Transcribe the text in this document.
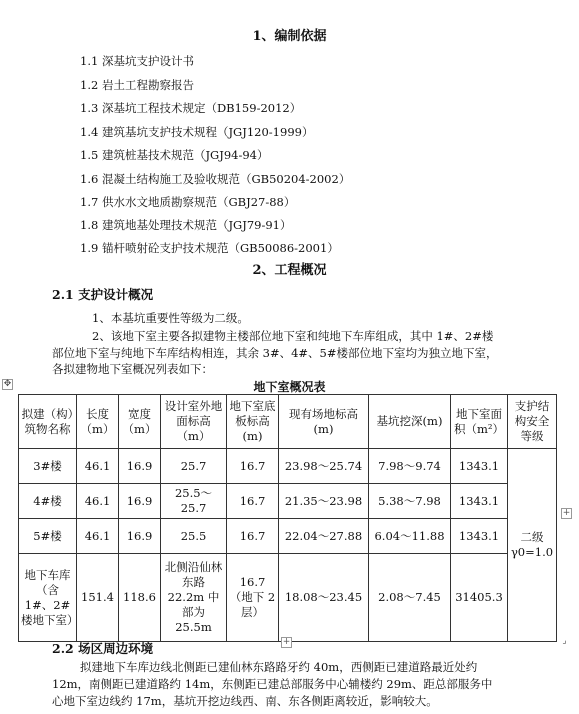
1、编制依据
1.1 深基坑支护设计书
1.2 岩土工程勘察报告
1.3 深基坑工程技术规定（DB159-2012）
1.4 建筑基坑支护技术规程（JGJ120-1999）
1.5 建筑桩基技术规范（JGJ94-94）
1.6 混凝土结构施工及验收规范（GB50204-2002）
1.7 供水水文地质勘察规范（GBJ27-88）
1.8 建筑地基处理技术规范（JGJ79-91）
1.9 锚杆喷射砼支护技术规范（GB50086-2001）
2、工程概况
2.1 支护设计概况
1、本基坑重要性等级为二级。
2、该地下室主要各拟建物主楼部位地下室和纯地下车库组成，其中 1#、2#楼
部位地下室与纯地下车库结构相连，其余 3#、4#、5#楼部位地下室均为独立地下室，
各拟建物地下室概况列表如下：
✥	地下室概况表
拟建（构）筑物名称	长度（m）	宽度（m）	设计室外地面标高（m）	地下室底板标高(m)	现有场地标高(m)	基坑挖深(m)	地下室面积（m²）	支护结构安全等级
3#楼	46.1	16.9	25.7	16.7	23.98～25.74	7.98～9.74	1343.1	二级
γ0=1.0

4#楼	46.1	16.9	25.5～25.7	16.7	21.35～23.98	5.38～7.98	1343.1	
5#楼	46.1	16.9	25.5	16.7	22.04～27.88	6.04～11.88	1343.1	
地下车库（含 1#、2#楼地下室）	151.4	118.6	北侧沿仙林东路 22.2m 中部为 25.5m	16.7（地下 2 层）	18.08～23.45	2.08～7.45	31405.3	
+
+	⌟
2.2 场区周边环境
拟建地下车库边线北侧距已建仙林东路路牙约 40m，西侧距已建道路最近处约
12m，南侧距已建道路约 14m，东侧距已建总部服务中心辅楼约 29m、距总部服务中
心地下室边线约 17m，基坑开挖边线西、南、东各侧距离较近，影响较大。
